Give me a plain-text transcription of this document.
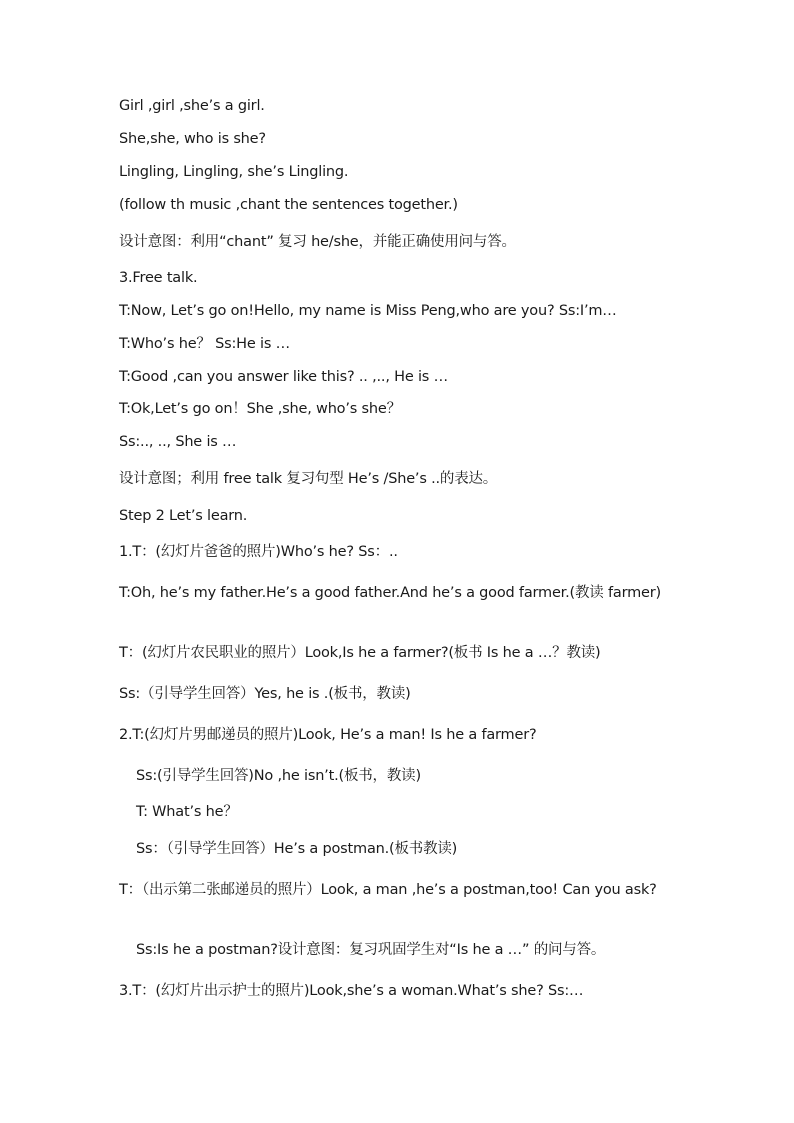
Girl ,girl ,she’s a girl.
She,she, who is she?
Lingling, Lingling, she’s Lingling.
(follow th music ,chant the sentences together.)
设计意图：利用“chant” 复习 he/she，并能正确使用问与答。
3.Free talk.
T:Now, Let’s go on!Hello, my name is Miss Peng,who are you? Ss:I’m…
T:Who’s he？ Ss:He is …
T:Good ,can you answer like this? .. ,.., He is …
T:Ok,Let’s go on！She ,she, who’s she？
Ss:.., .., She is …
设计意图；利用 free talk 复习句型 He’s /She’s ..的表达。
Step 2 Let’s learn.
1.T：(幻灯片爸爸的照片)Who’s he? Ss：..
T:Oh, he’s my father.He’s a good father.And he’s a good farmer.(教读 farmer)
T：(幻灯片农民职业的照片）Look,Is he a farmer?(板书 Is he a …？教读)
Ss:（引导学生回答）Yes, he is .(板书，教读)
2.T:(幻灯片男邮递员的照片)Look, He’s a man! Is he a farmer?
Ss:(引导学生回答)No ,he isn’t.(板书，教读)
T: What’s he？
Ss：（引导学生回答）He’s a postman.(板书教读)
T：（出示第二张邮递员的照片）Look, a man ,he’s a postman,too! Can you ask?
Ss:Is he a postman?设计意图：复习巩固学生对“Is he a …” 的问与答。
3.T：(幻灯片出示护士的照片)Look,she’s a woman.What’s she? Ss:…
